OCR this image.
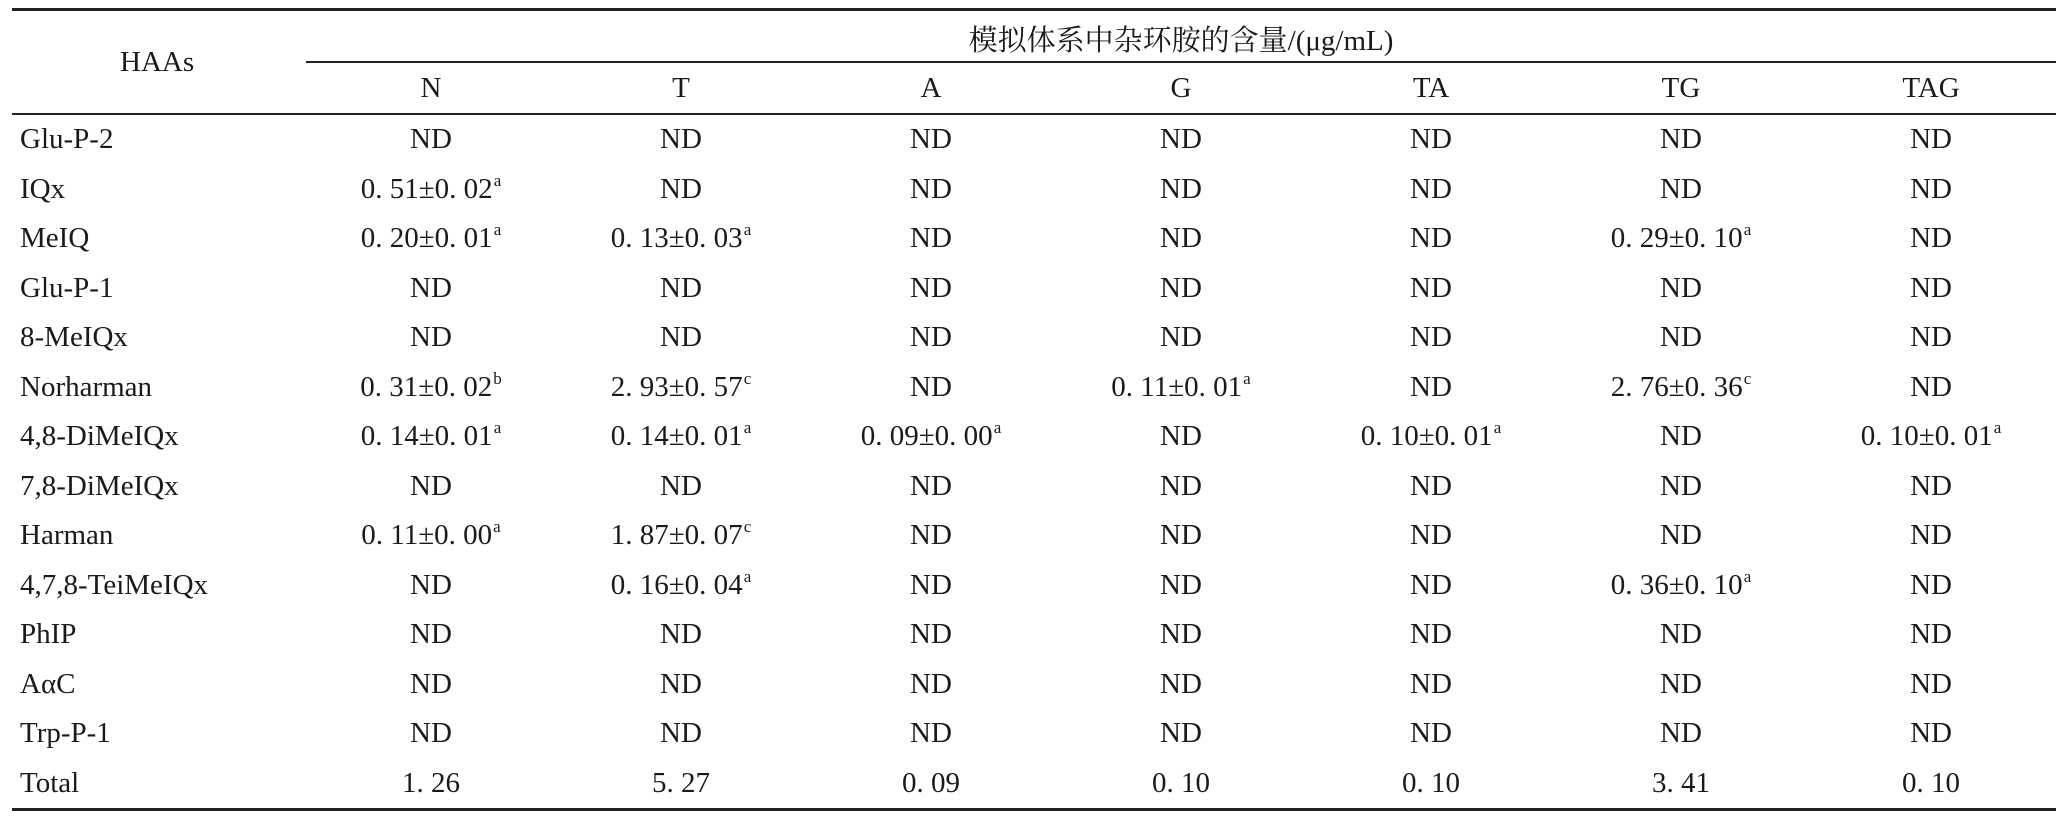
HAAs	模拟体系中杂环胺的含量/(μg/mL)						
	N	T	A	G	TA	TG	TAG
Glu-P-2	ND	ND	ND	ND	ND	ND	ND
IQx	0. 51±0. 02$^a$	ND	ND	ND	ND	ND	ND
MeIQ	0. 20±0. 01$^a$	0. 13±0. 03$^a$	ND	ND	ND	0. 29±0. 10$^a$	ND
Glu-P-1	ND	ND	ND	ND	ND	ND	ND
8-MeIQx	ND	ND	ND	ND	ND	ND	ND
Norharman	0. 31±0. 02$^b$	2. 93±0. 57$^c$	ND	0. 11±0. 01$^a$	ND	2. 76±0. 36$^c$	ND
4,8-DiMeIQx	0. 14±0. 01$^a$	0. 14±0. 01$^a$	0. 09±0. 00$^a$	ND	0. 10±0. 01$^a$	ND	0. 10±0. 01$^a$
7,8-DiMeIQx	ND	ND	ND	ND	ND	ND	ND
Harman	0. 11±0. 00$^a$	1. 87±0. 07$^c$	ND	ND	ND	ND	ND
4,7,8-TeiMeIQx	ND	0. 16±0. 04$^a$	ND	ND	ND	0. 36±0. 10$^a$	ND
PhIP	ND	ND	ND	ND	ND	ND	ND
AαC	ND	ND	ND	ND	ND	ND	ND
Trp-P-1	ND	ND	ND	ND	ND	ND	ND
Total	1. 26	5. 27	0. 09	0. 10	0. 10	3. 41	0. 10
